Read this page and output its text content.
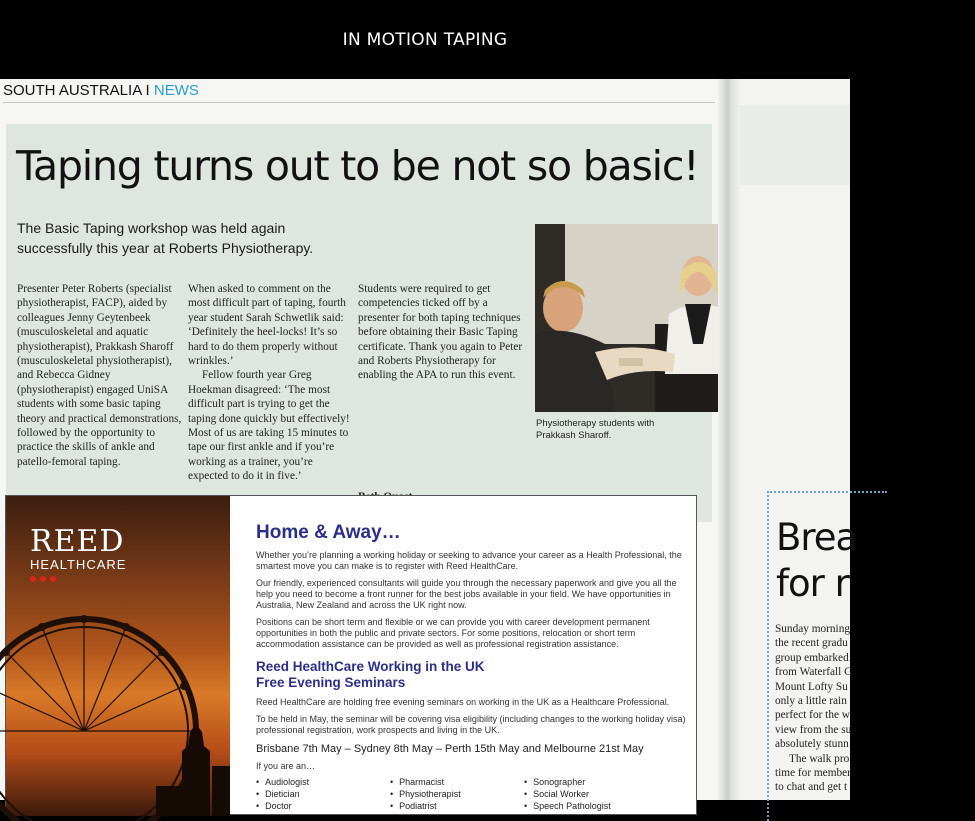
IN MOTION TAPING
SOUTH AUSTRALIA I NEWS
Taping turns out to be not so basic!
The Basic Taping workshop was held again successfully this year at Roberts Physiotherapy.

Presenter Peter Roberts (specialist physiotherapist, FACP), aided by colleagues Jenny Geytenbeek (musculoskeletal and aquatic physiotherapist), Prakkash Sharoff (musculoskeletal physiotherapist), and Rebecca Gidney (physiotherapist) engaged UniSA students with some basic taping theory and practical demonstrations, followed by the opportunity to practice the skills of ankle and patello-femoral taping.

When asked to comment on the most difficult part of taping, fourth year student Sarah Schwetlik said: ‘Definitely the heel-locks! It’s so hard to do them properly without wrinkles.’

Fellow fourth year Greg Hoekman disagreed: ‘The most difficult part is trying to get the taping done quickly but effectively! Most of us are taking 15 minutes to tape our first ankle and if you’re working as a trainer, you’re expected to do it in five.’

Students were required to get competencies ticked off by a presenter for both taping techniques before obtaining their Basic Taping certificate. Thank you again to Peter and Roberts Physiotherapy for enabling the APA to run this event.

Physiotherapy students with Prakkash Sharoff.
REED
HEALTHCARE
Home & Away…
Whether you’re planning a working holiday or seeking to advance your career as a Health Professional, the smartest move you can make is to register with Reed HealthCare.
Our friendly, experienced consultants will guide you through the necessary paperwork and give you all the help you need to become a front runner for the best jobs available in your field. We have opportunities in Australia, New Zealand and across the UK right now.
Positions can be short term and flexible or we can provide you with career development permanent opportunities in both the public and private sectors. For some positions, relocation or short term accommodation assistance can be provided as well as professional registration assistance.
Reed HealthCare Working in the UK
Free Evening Seminars
Reed HealthCare are holding free evening seminars on working in the UK as a Healthcare Professional.
To be held in May, the seminar will be covering visa eligibility (including changes to the working holiday visa) professional registration, work prospects and living in the UK.
Brisbane 7th May – Sydney 8th May – Perth 15th May and Melbourne 21st May
If you are an…
• Audiologist	• Pharmacist	• Sonographer
• Dietician	• Physiotherapist	• Social Worker
• Doctor	• Podiatrist	• Speech Pathologist
Brea
for r
Sunday morning
the recent gradu
group embarked
from Waterfall G
Mount Lofty Su
only a little rain
perfect for the w
view from the su
absolutely stunn
The walk pro
time for member
to chat and get t
